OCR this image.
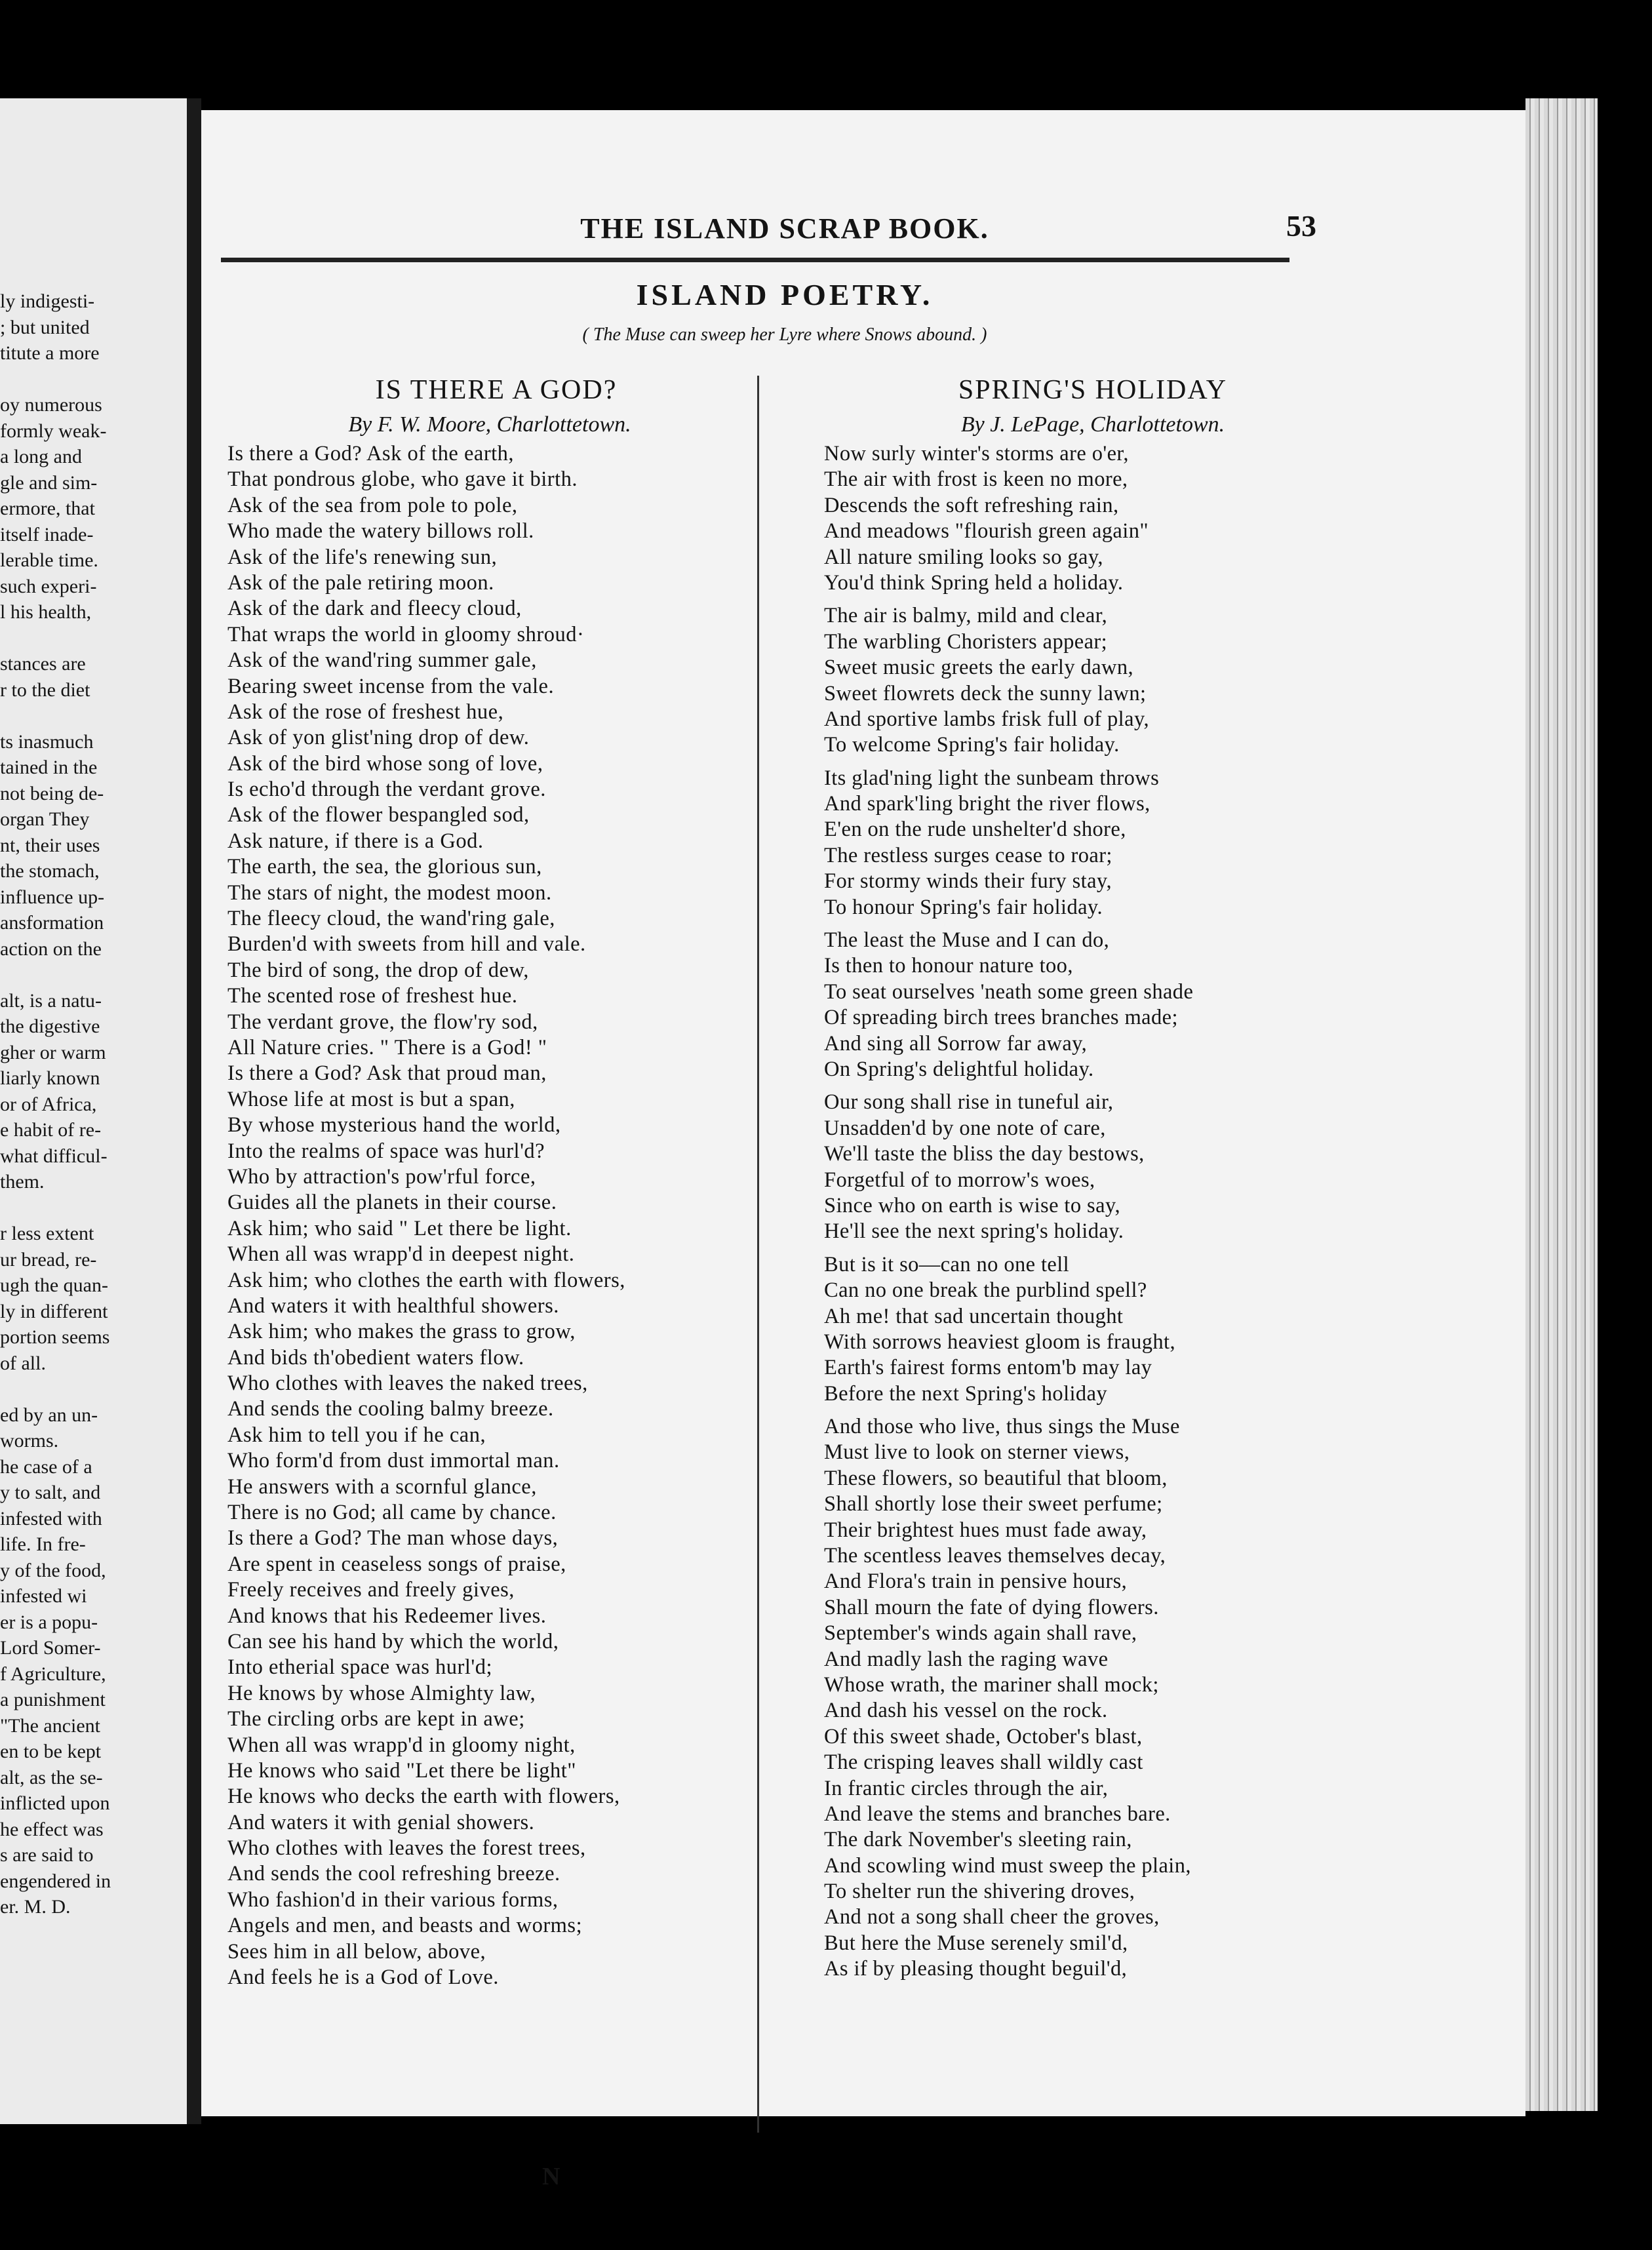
ly indigesti-
; but united
titute a more
oy numerous
formly weak-
a long and
gle and sim-
ermore, that
itself inade-
lerable time.
such experi-
l his health,
stances are
r to the diet
ts inasmuch
tained in the
not being de-
organ They
nt, their uses
the stomach,
influence up-
ansformation
action on the
alt, is a natu-
the digestive
gher or warm
liarly known
or of Africa,
e habit of re-
what difficul-
them.
r less extent
ur bread, re-
ugh the quan-
ly in different
portion seems
of all.
ed by an un-
worms.
he case of a
y to salt, and
infested with
life. In fre-
y of the food,
infested wi
er is a popu-
Lord Somer-
f Agriculture,
a punishment
"The ancient
en to be kept
alt, as the se-
inflicted upon
he effect was
s are said to
engendered in
er. M. D.
THE ISLAND SCRAP BOOK.	53
ISLAND POETRY.
( The Muse can sweep her Lyre where Snows abound. )
IS THERE A GOD?
By F. W. Moore, Charlottetown.
Is there a God? Ask of the earth,
That pondrous globe, who gave it birth.
Ask of the sea from pole to pole,
Who made the watery billows roll.
Ask of the life's renewing sun,
Ask of the pale retiring moon.
Ask of the dark and fleecy cloud,
That wraps the world in gloomy shroud·
Ask of the wand'ring summer gale,
Bearing sweet incense from the vale.
Ask of the rose of freshest hue,
Ask of yon glist'ning drop of dew.
Ask of the bird whose song of love,
Is echo'd through the verdant grove.
Ask of the flower bespangled sod,
Ask nature, if there is a God.
The earth, the sea, the glorious sun,
The stars of night, the modest moon.
The fleecy cloud, the wand'ring gale,
Burden'd with sweets from hill and vale.
The bird of song, the drop of dew,
The scented rose of freshest hue.
The verdant grove, the flow'ry sod,
All Nature cries. " There is a God! "
Is there a God? Ask that proud man,
Whose life at most is but a span,
By whose mysterious hand the world,
Into the realms of space was hurl'd?
Who by attraction's pow'rful force,
Guides all the planets in their course.
Ask him; who said " Let there be light.
When all was wrapp'd in deepest night.
Ask him; who clothes the earth with flowers,
And waters it with healthful showers.
Ask him; who makes the grass to grow,
And bids th'obedient waters flow.
Who clothes with leaves the naked trees,
And sends the cooling balmy breeze.
Ask him to tell you if he can,
Who form'd from dust immortal man.
He answers with a scornful glance,
There is no God; all came by chance.
Is there a God? The man whose days,
Are spent in ceaseless songs of praise,
Freely receives and freely gives,
And knows that his Redeemer lives.
Can see his hand by which the world,
Into etherial space was hurl'd;
He knows by whose Almighty law,
The circling orbs are kept in awe;
When all was wrapp'd in gloomy night,
He knows who said "Let there be light"
He knows who decks the earth with flowers,
And waters it with genial showers.
Who clothes with leaves the forest trees,
And sends the cool refreshing breeze.
Who fashion'd in their various forms,
Angels and men, and beasts and worms;
Sees him in all below, above,
And feels he is a God of Love.
SPRING'S HOLIDAY
By J. LePage, Charlottetown.
Now surly winter's storms are o'er,
The air with frost is keen no more,
Descends the soft refreshing rain,
And meadows "flourish green again"
All nature smiling looks so gay,
You'd think Spring held a holiday.
The air is balmy, mild and clear,
The warbling Choristers appear;
Sweet music greets the early dawn,
Sweet flowrets deck the sunny lawn;
And sportive lambs frisk full of play,
To welcome Spring's fair holiday.
Its glad'ning light the sunbeam throws
And spark'ling bright the river flows,
E'en on the rude unshelter'd shore,
The restless surges cease to roar;
For stormy winds their fury stay,
To honour Spring's fair holiday.
The least the Muse and I can do,
Is then to honour nature too,
To seat ourselves 'neath some green shade
Of spreading birch trees branches made;
And sing all Sorrow far away,
On Spring's delightful holiday.
Our song shall rise in tuneful air,
Unsadden'd by one note of care,
We'll taste the bliss the day bestows,
Forgetful of to morrow's woes,
Since who on earth is wise to say,
He'll see the next spring's holiday.
But is it so—can no one tell
Can no one break the purblind spell?
Ah me! that sad uncertain thought
With sorrows heaviest gloom is fraught,
Earth's fairest forms entom'b may lay
Before the next Spring's holiday
And those who live, thus sings the Muse
Must live to look on sterner views,
These flowers, so beautiful that bloom,
Shall shortly lose their sweet perfume;
Their brightest hues must fade away,
The scentless leaves themselves decay,
And Flora's train in pensive hours,
Shall mourn the fate of dying flowers.
September's winds again shall rave,
And madly lash the raging wave
Whose wrath, the mariner shall mock;
And dash his vessel on the rock.
Of this sweet shade, October's blast,
The crisping leaves shall wildly cast
In frantic circles through the air,
And leave the stems and branches bare.
The dark November's sleeting rain,
And scowling wind must sweep the plain,
To shelter run the shivering droves,
And not a song shall cheer the groves,
But here the Muse serenely smil'd,
As if by pleasing thought beguil'd,
N
